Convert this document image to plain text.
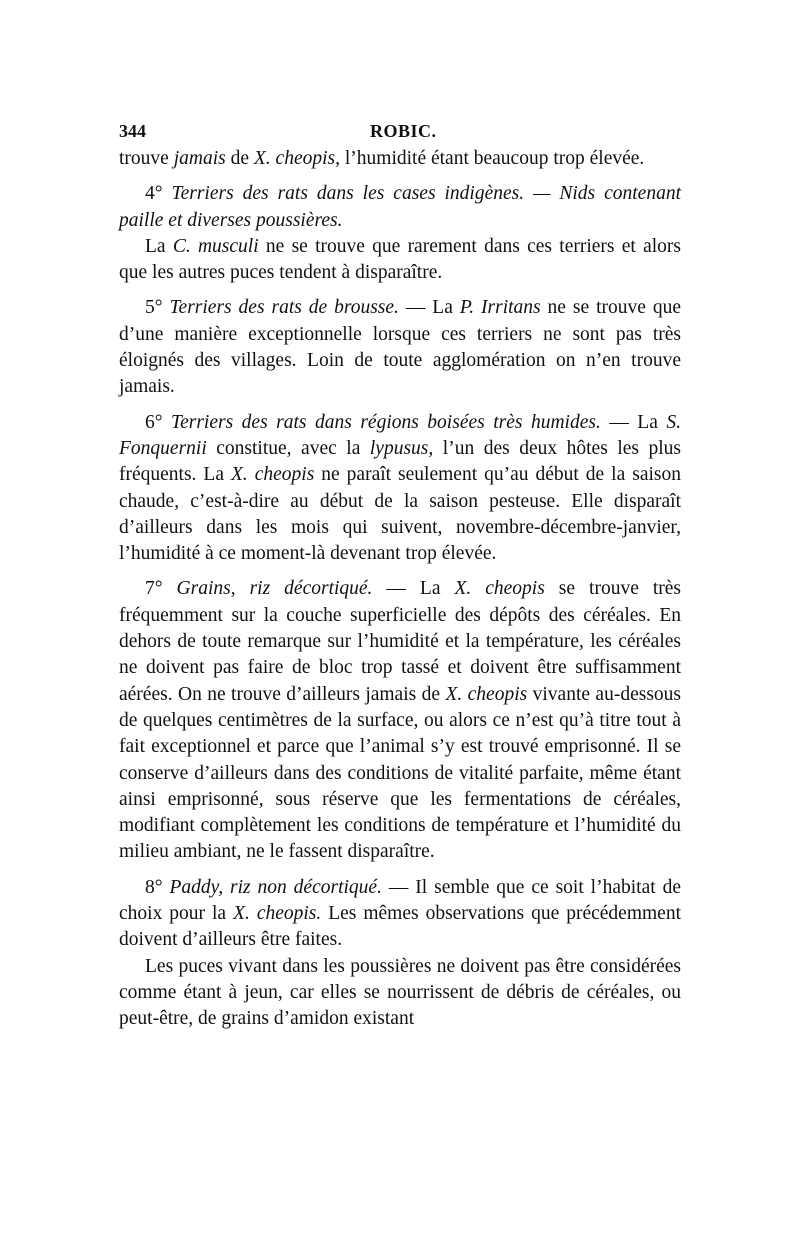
344	ROBIC.

trouve jamais de X. cheopis, l’humidité étant beaucoup trop élevée.

4° Terriers des rats dans les cases indigènes. — Nids contenant paille et diverses poussières.

La C. musculi ne se trouve que rarement dans ces terriers et alors que les autres puces tendent à disparaître.

5° Terriers des rats de brousse. — La P. Irritans ne se trouve que d’une manière exceptionnelle lorsque ces terriers ne sont pas très éloignés des villages. Loin de toute agglomération on n’en trouve jamais.

6° Terriers des rats dans régions boisées très humides. — La S. Fonquernii constitue, avec la lypusus, l’un des deux hôtes les plus fréquents. La X. cheopis ne paraît seulement qu’au début de la saison chaude, c’est-à-dire au début de la saison pesteuse. Elle disparaît d’ailleurs dans les mois qui suivent, novembre-décembre-janvier, l’humidité à ce moment-là devenant trop élevée.

7° Grains, riz décortiqué. — La X. cheopis se trouve très fréquemment sur la couche superficielle des dépôts des céréales. En dehors de toute remarque sur l’humidité et la température, les céréales ne doivent pas faire de bloc trop tassé et doivent être suffisamment aérées. On ne trouve d’ailleurs jamais de X. cheopis vivante au-dessous de quelques centimètres de la surface, ou alors ce n’est qu’à titre tout à fait exceptionnel et parce que l’animal s’y est trouvé emprisonné. Il se conserve d’ailleurs dans des conditions de vitalité parfaite, même étant ainsi emprisonné, sous réserve que les fermentations de céréales, modifiant complètement les conditions de température et l’humidité du milieu ambiant, ne le fassent disparaître.

8° Paddy, riz non décortiqué. — Il semble que ce soit l’habitat de choix pour la X. cheopis. Les mêmes observations que précédemment doivent d’ailleurs être faites.

Les puces vivant dans les poussières ne doivent pas être considérées comme étant à jeun, car elles se nourrissent de débris de céréales, ou peut-être, de grains d’amidon existant
